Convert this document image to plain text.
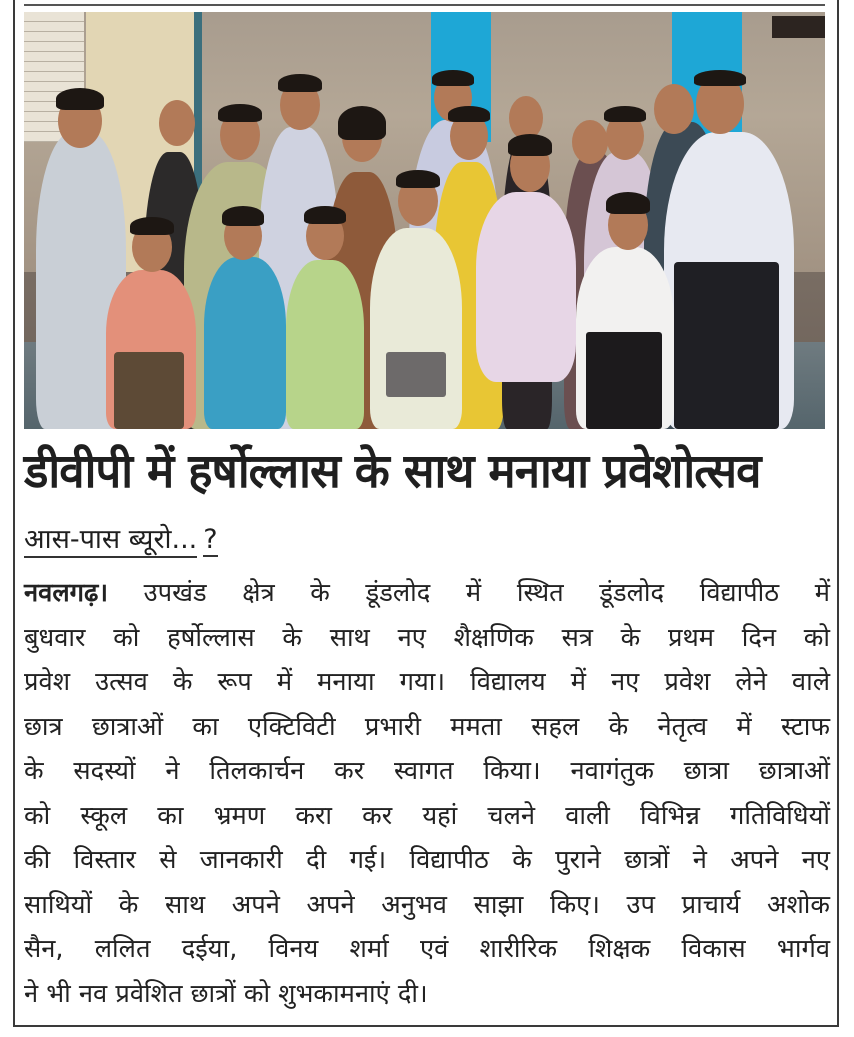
डीवीपी में हर्षोल्लास के साथ मनाया प्रवेशोत्सव
आस-पास ब्यूरो... ?
नवलगढ़। उपखंड क्षेत्र के डूंडलोद में स्थित डूंडलोद विद्यापीठ में
बुधवार को हर्षोल्लास के साथ नए शैक्षणिक सत्र के प्रथम दिन को
प्रवेश उत्सव के रूप में मनाया गया। विद्यालय में नए प्रवेश लेने वाले
छात्र छात्राओं का एक्टिविटी प्रभारी ममता सहल के नेतृत्व में स्टाफ
के सदस्यों ने तिलकार्चन कर स्वागत किया। नवागंतुक छात्रा छात्राओं
को स्कूल का भ्रमण करा कर यहां चलने वाली विभिन्न गतिविधियों
की विस्तार से जानकारी दी गई। विद्यापीठ के पुराने छात्रों ने अपने नए
साथियों के साथ अपने अपने अनुभव साझा किए। उप प्राचार्य अशोक
सैन, ललित दईया, विनय शर्मा एवं शारीरिक शिक्षक विकास भार्गव
ने भी नव प्रवेशित छात्रों को शुभकामनाएं दी।
